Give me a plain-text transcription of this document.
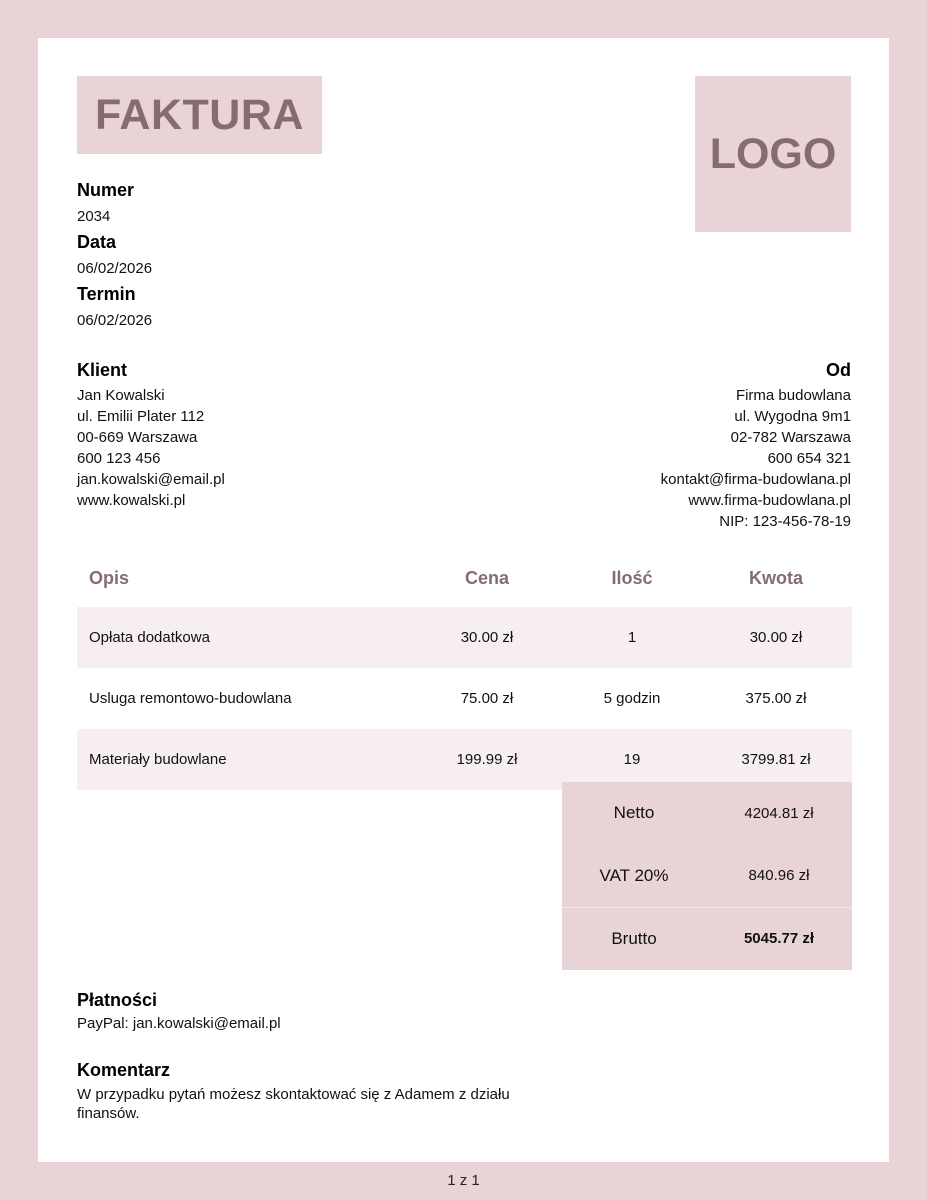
FAKTURA
LOGO
Numer
2034
Data
06/02/2026
Termin
06/02/2026
Klient
Jan Kowalski
ul. Emilii Plater 112
00-669 Warszawa
600 123 456
jan.kowalski@email.pl
www.kowalski.pl
Od
Firma budowlana
ul. Wygodna 9m1
02-782 Warszawa
600 654 321
kontakt@firma-budowlana.pl
www.firma-budowlana.pl
NIP: 123-456-78-19
Opis	Cena	Ilość	Kwota
Opłata dodatkowa	30.00 zł	1	30.00 zł
Usluga remontowo-budowlana	75.00 zł	5 godzin	375.00 zł
Materiały budowlane	199.99 zł	19	3799.81 zł
Netto	4204.81 zł
VAT 20%	840.96 zł
Brutto	5045.77 zł
Płatności
PayPal: jan.kowalski@email.pl
Komentarz
W przypadku pytań możesz skontaktować się z Adamem z działu finansów.
1 z 1
